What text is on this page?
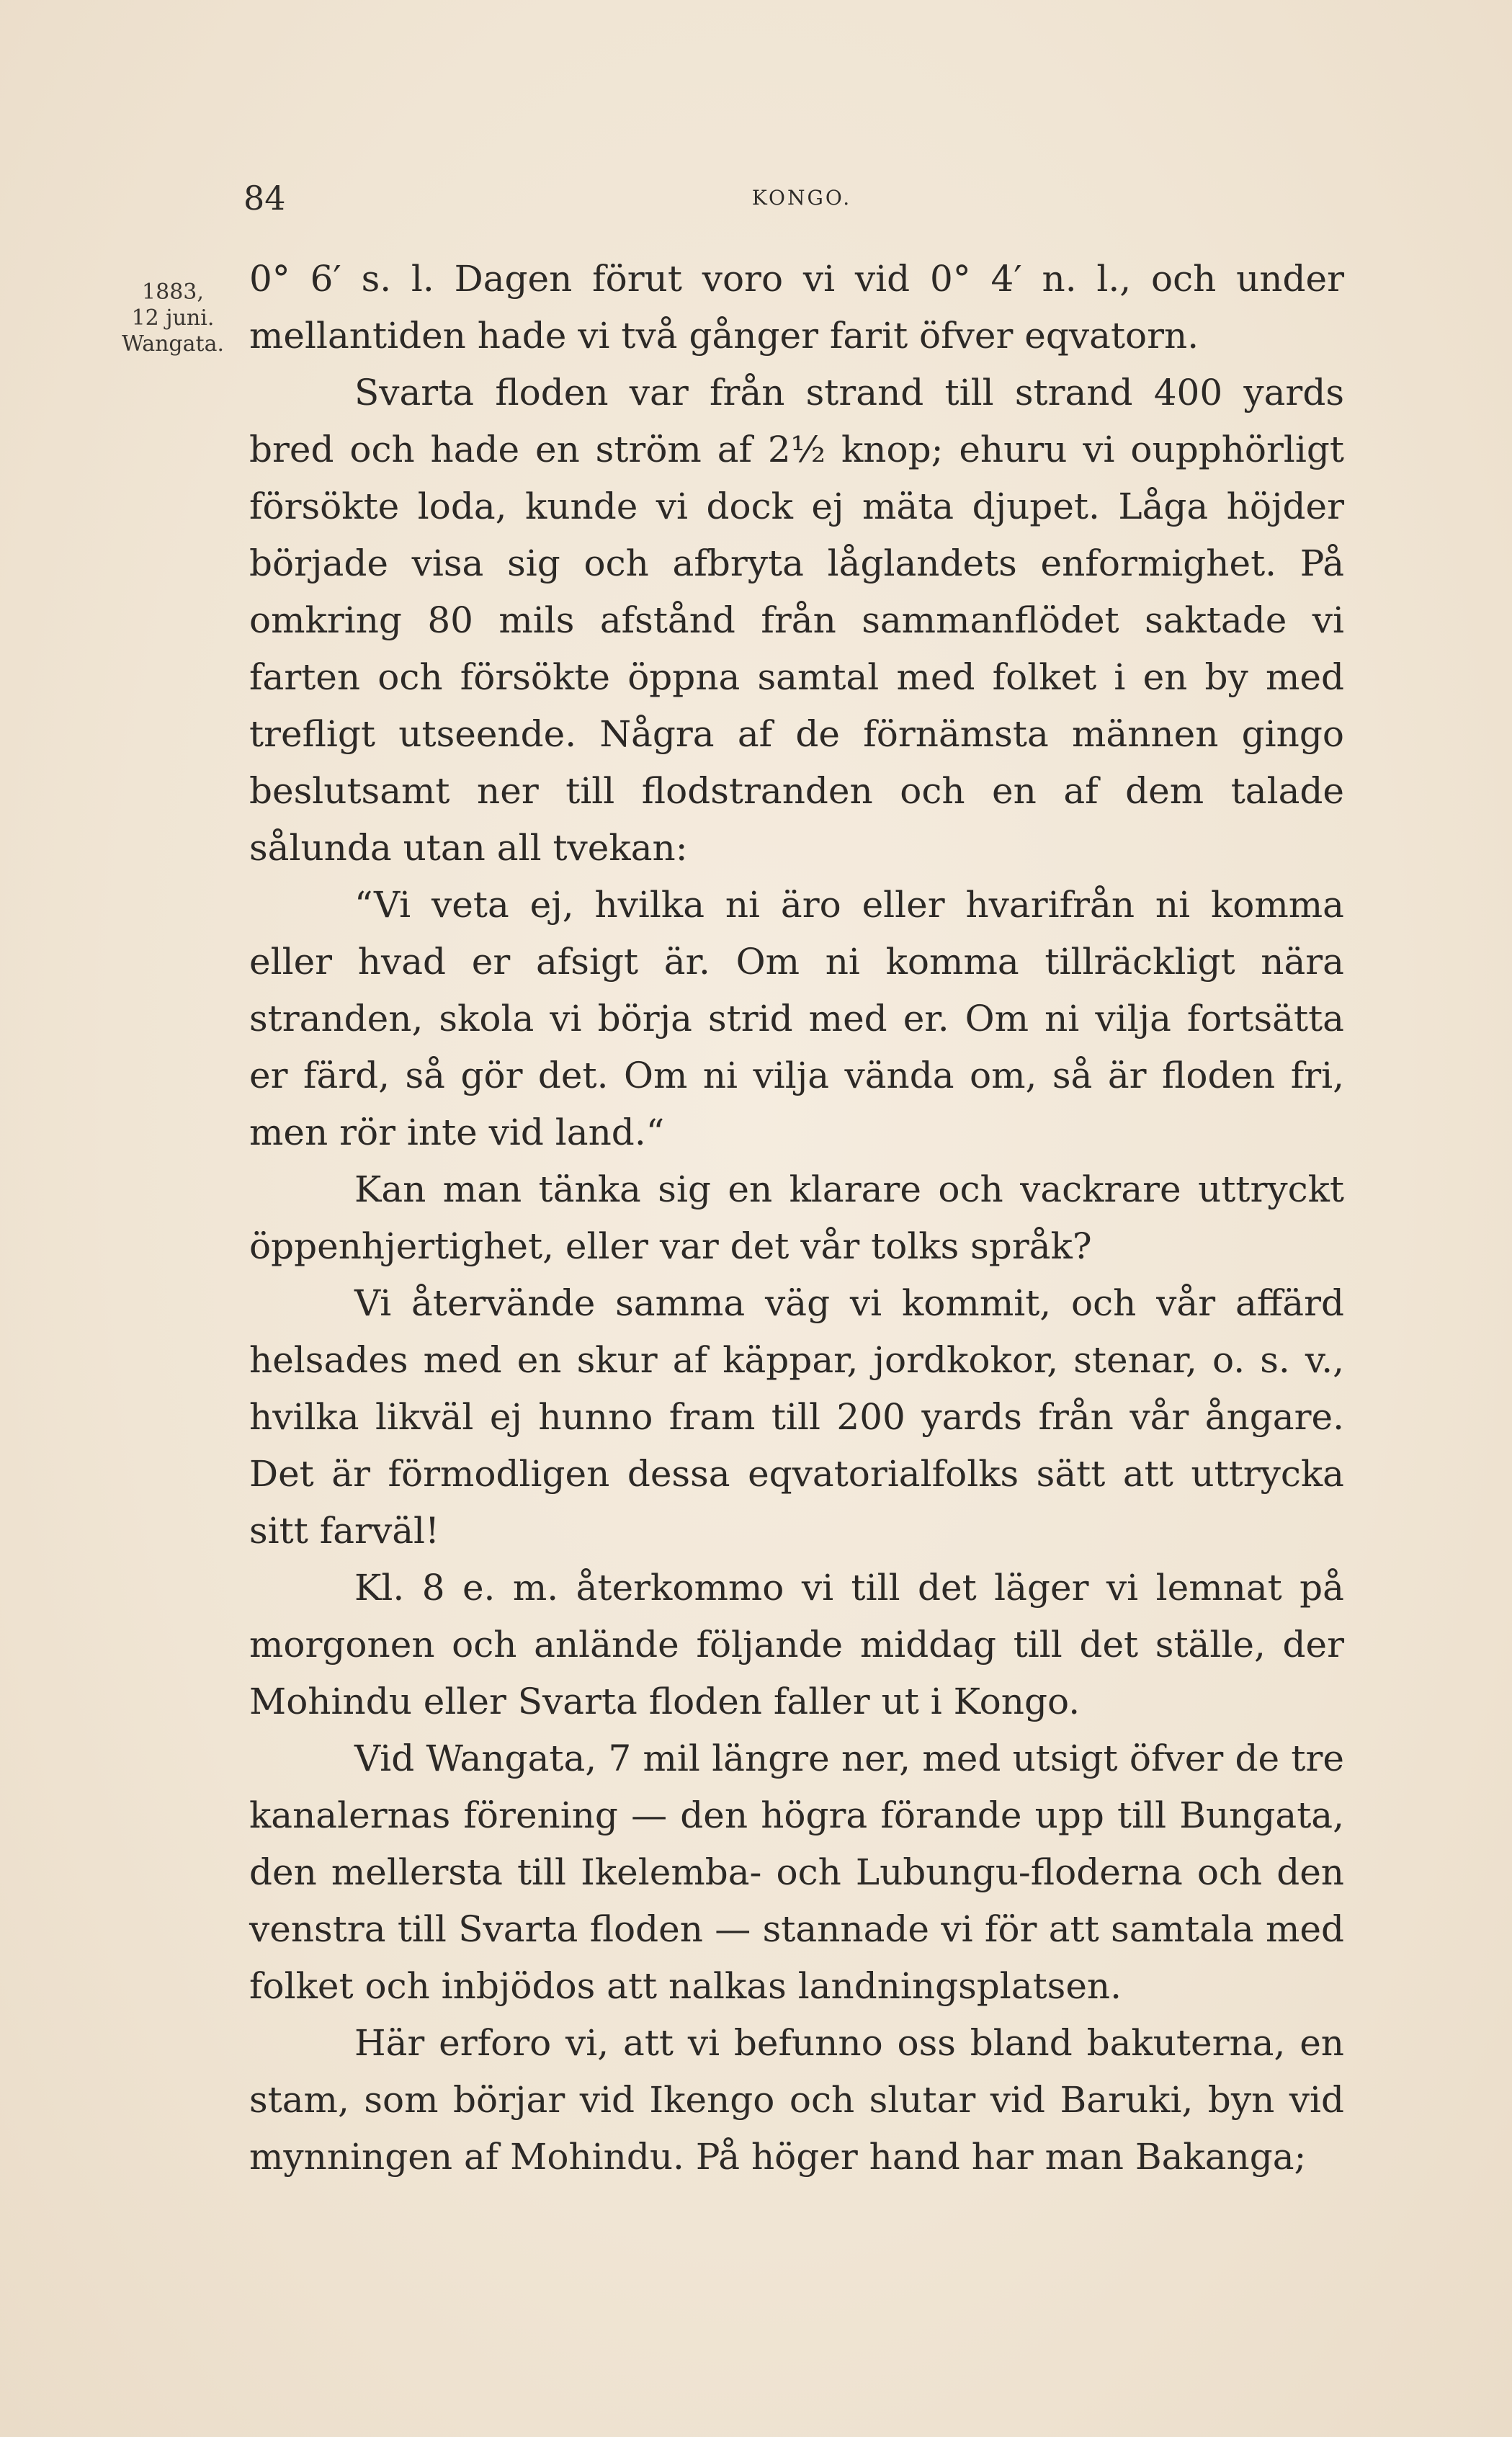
84	KONGO.
1883,
12 juni.
Wangata.

0° 6′ s. l. Dagen förut voro vi vid 0° 4′ n. l., och under mellantiden hade vi två gånger farit öfver eqvatorn.

Svarta floden var från strand till strand 400 yards bred och hade en ström af 2½ knop; ehuru vi oupphörligt försökte loda, kunde vi dock ej mäta djupet. Låga höjder började visa sig och afbryta låglandets enformighet. På omkring 80 mils afstånd från sammanflödet saktade vi farten och försökte öppna samtal med folket i en by med trefligt utseende. Några af de förnämsta männen gingo beslutsamt ner till flodstranden och en af dem talade sålunda utan all tvekan:

“Vi veta ej, hvilka ni äro eller hvarifrån ni komma eller hvad er afsigt är. Om ni komma tillräckligt nära stranden, skola vi börja strid med er. Om ni vilja fortsätta er färd, så gör det. Om ni vilja vända om, så är floden fri, men rör inte vid land.“

Kan man tänka sig en klarare och vackrare uttryckt öppenhjertighet, eller var det vår tolks språk?

Vi återvände samma väg vi kommit, och vår affärd helsades med en skur af käppar, jordkokor, stenar, o. s. v., hvilka likväl ej hunno fram till 200 yards från vår ångare. Det är förmodligen dessa eqvatorialfolks sätt att uttrycka sitt farväl!

Kl. 8 e. m. återkommo vi till det läger vi lemnat på morgonen och anlände följande middag till det ställe, der Mohindu eller Svarta floden faller ut i Kongo.

Vid Wangata, 7 mil längre ner, med utsigt öfver de tre kanalernas förening — den högra förande upp till Bungata, den mellersta till Ikelemba- och Lubungu-floderna och den venstra till Svarta floden — stannade vi för att samtala med folket och inbjödos att nalkas landningsplatsen.

Här erforo vi, att vi befunno oss bland bakuterna, en stam, som börjar vid Ikengo och slutar vid Baruki, byn vid mynningen af Mohindu. På höger hand har man Bakanga;
